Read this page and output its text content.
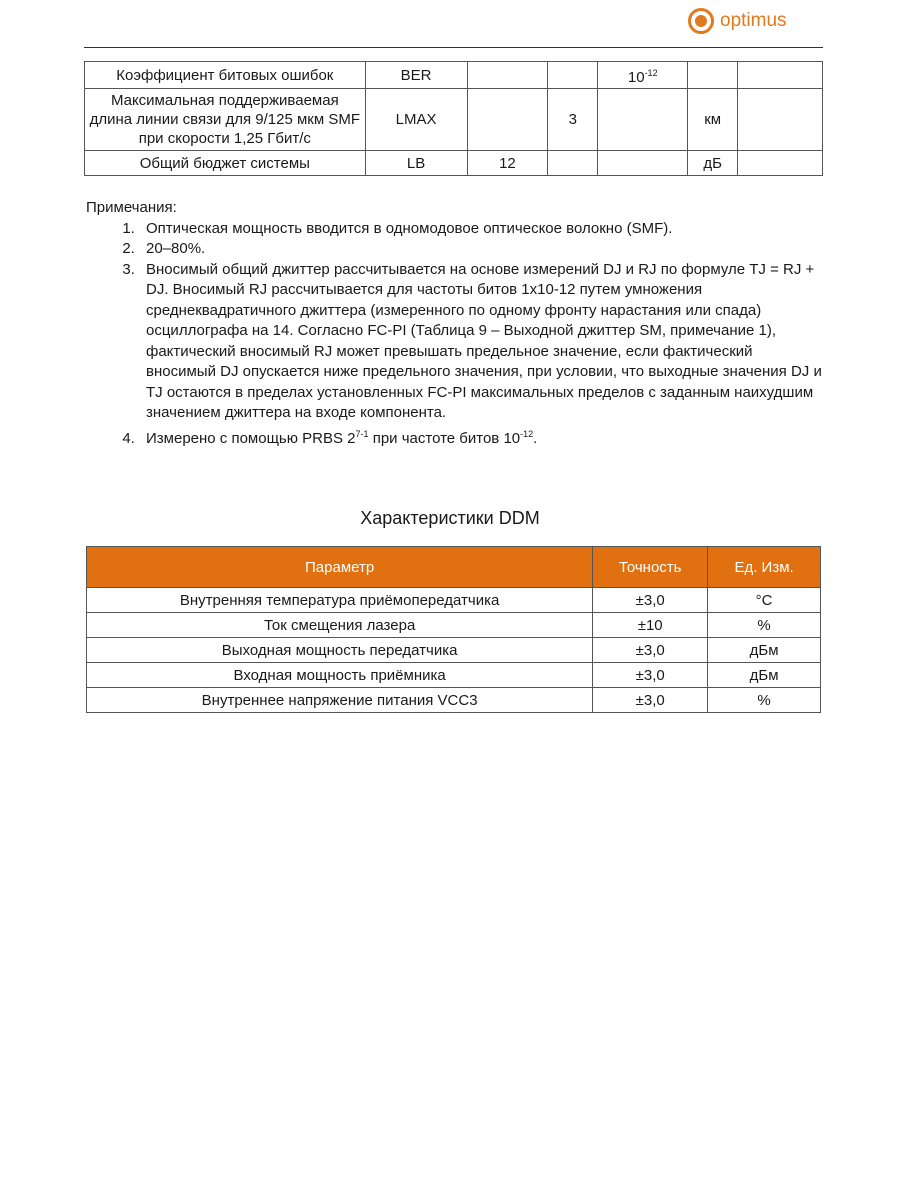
optimus
Коэффициент битовых ошибок	BER			$10^{-12}$		
Максимальная поддерживаемая длина линии связи для 9/125 мкм SMF при скорости 1,25 Гбит/с	LMAX		3		км	
Общий бюджет системы	LB	12			дБ	
Примечания:
1. Оптическая мощность вводится в одномодовое оптическое волокно (SMF).
2. 20–80%.
3. Вносимый общий джиттер рассчитывается на основе измерений DJ и RJ по формуле TJ = RJ + DJ. Вносимый RJ рассчитывается для частоты битов 1x10-12 путем умножения среднеквадратичного джиттера (измеренного по одному фронту нарастания или спада) осциллографа на 14. Согласно FC-PI (Таблица 9 – Выходной джиттер SM, примечание 1), фактический вносимый RJ может превышать предельное значение, если фактический вносимый DJ опускается ниже предельного значения, при условии, что выходные значения DJ и TJ остаются в пределах установленных FC-PI максимальных пределов с заданным наихудшим значением джиттера на входе компонента.
4. Измерено с помощью PRBS 2$^{7-1}$ при частоте битов $10^{-12}$.
Характеристики DDM
Параметр	Точность	Ед. Изм.
Внутренняя температура приёмопередатчика	±3,0	°C
Ток смещения лазера	±10	%
Выходная мощность передатчика	±3,0	дБм
Входная мощность приёмника	±3,0	дБм
Внутреннее напряжение питания VCC3	±3,0	%
